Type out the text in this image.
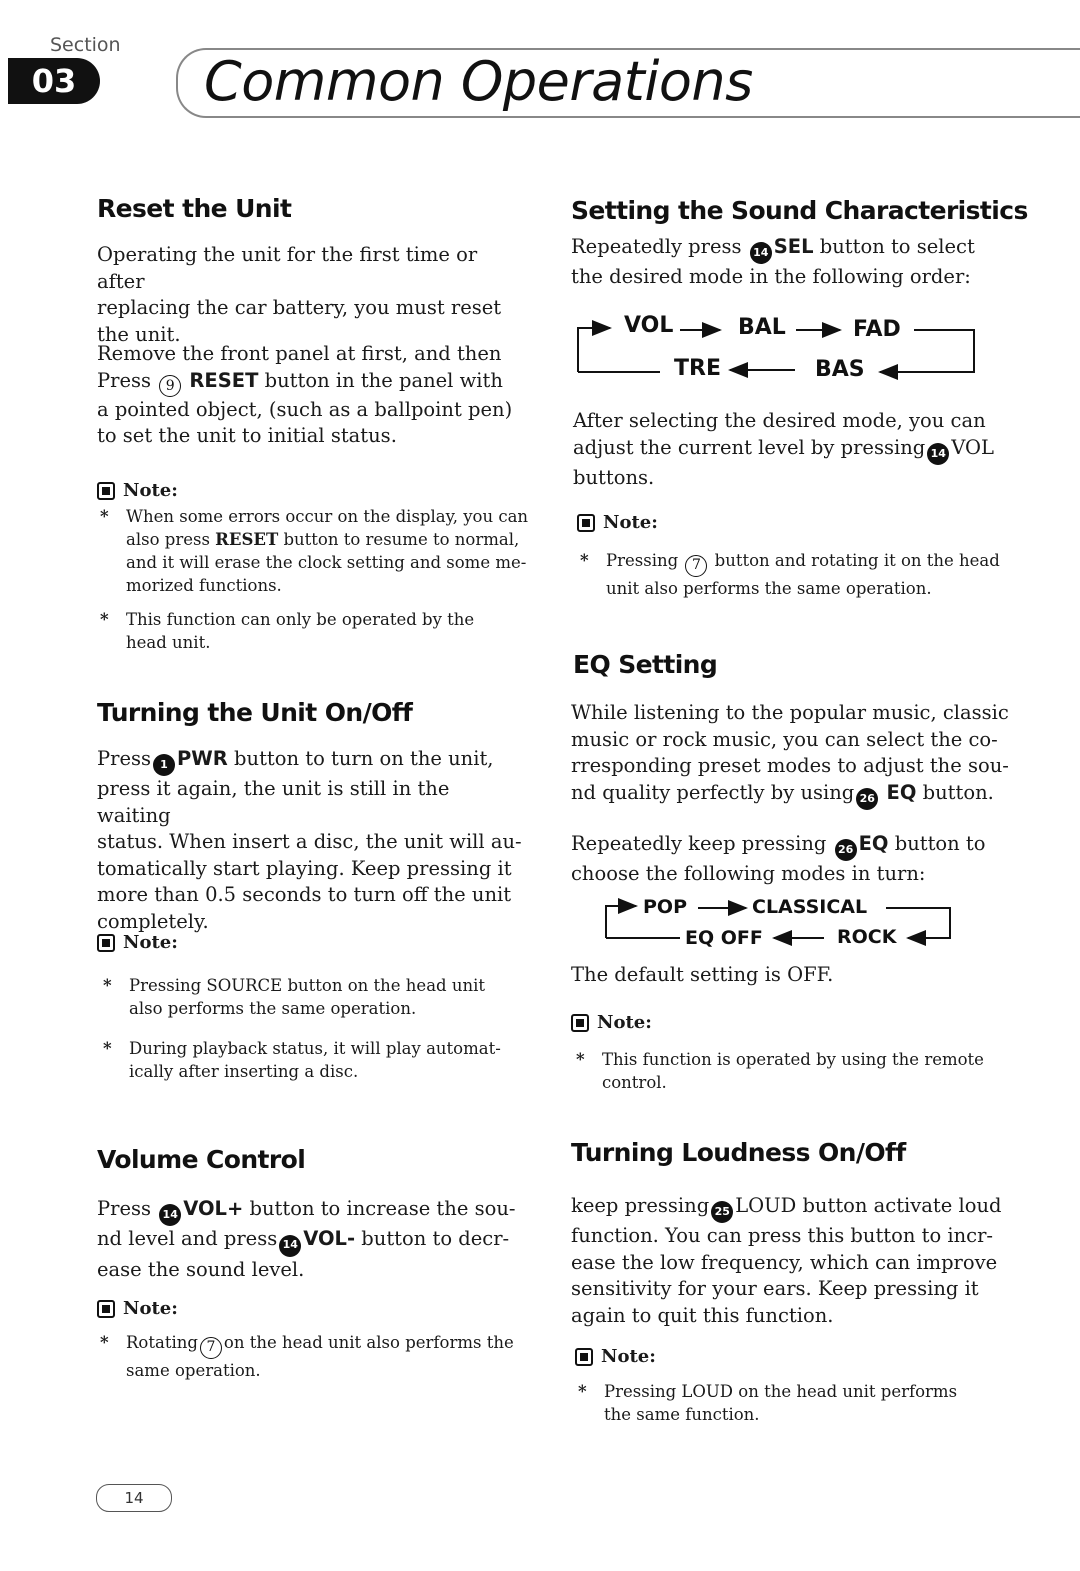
Section
03	Common Operations
Reset the Unit
Operating the unit for the first time or after
replacing the car battery, you must reset
the unit.
Remove the front panel at first, and then
Press 9 RESET button in the panel with
a pointed object, (such as a ballpoint pen)
to set the unit to initial status.
Note:
* When some errors occur on the display, you can
also press RESET button to resume to normal,
and it will erase the clock setting and some me-
morized functions.
* This function can only be operated by the
head unit.
Turning the Unit On/Off
Press 1 PWR button to turn on the unit,
press it again, the unit is still in the waiting
status. When insert a disc, the unit will au-
tomatically start playing. Keep pressing it
more than 0.5 seconds to turn off the unit
completely.
Note:
* Pressing SOURCE button on the head unit
also performs the same operation.
* During playback status, it will play automat-
ically after inserting a disc.
Volume Control
Press 14 VOL+ button to increase the sou-
nd level and press 14 VOL- button to decr-
ease the sound level.
Note:
* Rotating 7 on the head unit also performs the
same operation.
Setting the Sound Characteristics
Repeatedly press 14 SEL button to select
the desired mode in the following order:
VOL	BAL	FAD
TRE	BAS
After selecting the desired mode, you can
adjust the current level by pressing 14 VOL
buttons.
Note:
* Pressing 7 button and rotating it on the head
unit also performs the same operation.
EQ Setting
While listening to the popular music, classic
music or rock music, you can select the co-
rresponding preset modes to adjust the sou-
nd quality perfectly by using 26 EQ button.
Repeatedly keep pressing 26 EQ button to
choose the following modes in turn:
POP	CLASSICAL
EQ OFF	ROCK
The default setting is OFF.
Note:
* This function is operated by using the remote
control.
Turning Loudness On/Off
keep pressing 25 LOUD button activate loud
function. You can press this button to incr-
ease the low frequency, which can improve
sensitivity for your ears. Keep pressing it
again to quit this function.
Note:
* Pressing LOUD on the head unit performs
the same function.
14
